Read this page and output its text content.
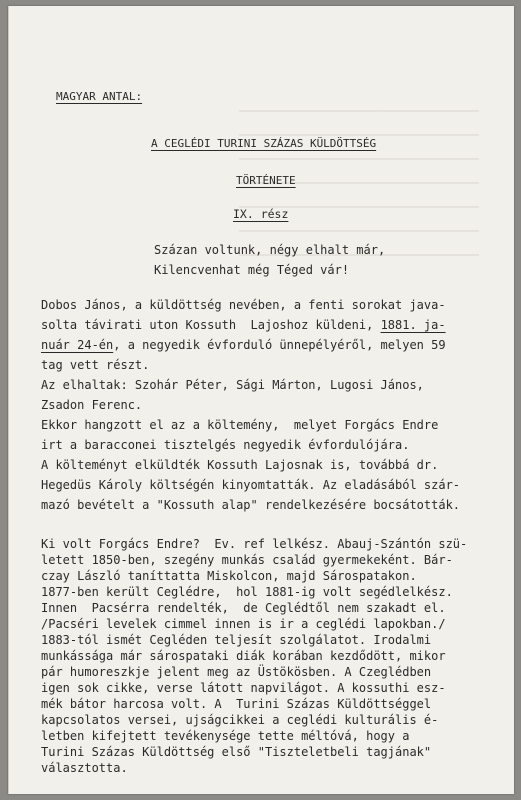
MAGYAR ANTAL:
A CEGLÉDI TURINI SZÁZAS KÜLDÖTTSÉG
TÖRTÉNETE
IX. rész
Százan voltunk, négy elhalt már,
Kilencvenhat még Téged vár!
Dobos János, a küldöttség nevében, a fenti sorokat java-
solta távirati uton Kossuth  Lajoshoz küldeni, 1881. ja-
nuár 24-én, a negyedik évforduló ünnepélyéről, melyen 59
tag vett részt.
Az elhaltak: Szohár Péter, Sági Márton, Lugosi János,
Zsadon Ferenc.
Ekkor hangzott el az a költemény,  melyet Forgács Endre
irt a baracconei tisztelgés negyedik évfordulójára.
A költeményt elküldték Kossuth Lajosnak is, továbbá dr.
Hegedüs Károly költségén kinyomtatták. Az eladásából szár-
mazó bevételt a "Kossuth alap" rendelkezésére bocsátották.
Ki volt Forgács Endre?  Ev. ref lelkész. Abauj-Szántón szü-
letett 1850-ben, szegény munkás család gyermekeként. Bár-
czay László taníttatta Miskolcon, majd Sárospatakon.
1877-ben került Ceglédre,  hol 1881-ig volt segédlelkész.
Innen  Pacsérra rendelték,  de Ceglédtől nem szakadt el.
/Pacséri levelek cimmel innen is ir a ceglédi lapokban./
1883-tól ismét Cegléden teljesít szolgálatot. Irodalmi
munkássága már sárospataki diák korában kezdődött, mikor
pár humoreszkje jelent meg az Üstökösben. A Czeglédben
igen sok cikke, verse látott napvilágot. A kossuthi esz-
mék bátor harcosa volt. A  Turini Százas Küldöttséggel
kapcsolatos versei, ujságcikkei a ceglédi kulturális é-
letben kifejtett tevékenysége tette méltóvá, hogy a
Turini Százas Küldöttség első "Tiszteletbeli tagjának"
választotta.
